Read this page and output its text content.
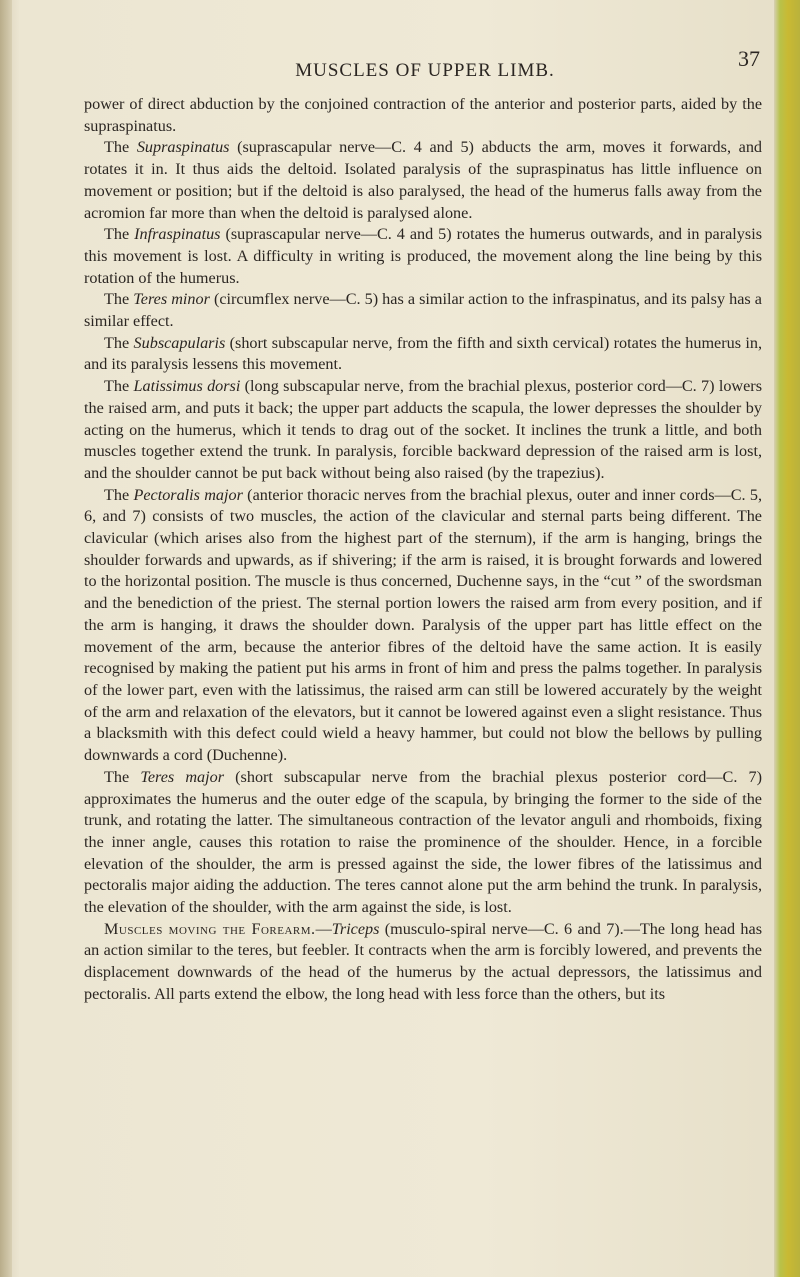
MUSCLES OF UPPER LIMB.	37

power of direct abduction by the conjoined contraction of the anterior and posterior parts, aided by the supraspinatus.

The Supraspinatus (suprascapular nerve—C. 4 and 5) abducts the arm, moves it forwards, and rotates it in. It thus aids the deltoid. Isolated paralysis of the supraspinatus has little influence on movement or position; but if the deltoid is also paralysed, the head of the humerus falls away from the acromion far more than when the deltoid is paralysed alone.

The Infraspinatus (suprascapular nerve—C. 4 and 5) rotates the humerus outwards, and in paralysis this movement is lost. A difficulty in writing is produced, the movement along the line being by this rotation of the humerus.

The Teres minor (circumflex nerve—C. 5) has a similar action to the infraspinatus, and its palsy has a similar effect.

The Subscapularis (short subscapular nerve, from the fifth and sixth cervical) rotates the humerus in, and its paralysis lessens this movement.

The Latissimus dorsi (long subscapular nerve, from the brachial plexus, posterior cord—C. 7) lowers the raised arm, and puts it back; the upper part adducts the scapula, the lower depresses the shoulder by acting on the humerus, which it tends to drag out of the socket. It inclines the trunk a little, and both muscles together extend the trunk. In paralysis, forcible backward depression of the raised arm is lost, and the shoulder cannot be put back without being also raised (by the trapezius).

The Pectoralis major (anterior thoracic nerves from the brachial plexus, outer and inner cords—C. 5, 6, and 7) consists of two muscles, the action of the clavicular and sternal parts being different. The clavicular (which arises also from the highest part of the sternum), if the arm is hanging, brings the shoulder forwards and upwards, as if shivering; if the arm is raised, it is brought forwards and lowered to the horizontal position. The muscle is thus concerned, Duchenne says, in the “cut ” of the swordsman and the benediction of the priest. The sternal portion lowers the raised arm from every position, and if the arm is hanging, it draws the shoulder down. Paralysis of the upper part has little effect on the movement of the arm, because the anterior fibres of the deltoid have the same action. It is easily recognised by making the patient put his arms in front of him and press the palms together. In paralysis of the lower part, even with the latissimus, the raised arm can still be lowered accurately by the weight of the arm and relaxation of the elevators, but it cannot be lowered against even a slight resistance. Thus a blacksmith with this defect could wield a heavy hammer, but could not blow the bellows by pulling downwards a cord (Duchenne).

The Teres major (short subscapular nerve from the brachial plexus posterior cord—C. 7) approximates the humerus and the outer edge of the scapula, by bringing the former to the side of the trunk, and rotating the latter. The simultaneous contraction of the levator anguli and rhomboids, fixing the inner angle, causes this rotation to raise the prominence of the shoulder. Hence, in a forcible elevation of the shoulder, the arm is pressed against the side, the lower fibres of the latissimus and pectoralis major aiding the adduction. The teres cannot alone put the arm behind the trunk. In paralysis, the elevation of the shoulder, with the arm against the side, is lost.

Muscles moving the Forearm.—Triceps (musculo-spiral nerve—C. 6 and 7).—The long head has an action similar to the teres, but feebler. It contracts when the arm is forcibly lowered, and prevents the displacement downwards of the head of the humerus by the actual depressors, the latissimus and pectoralis. All parts extend the elbow, the long head with less force than the others, but its
